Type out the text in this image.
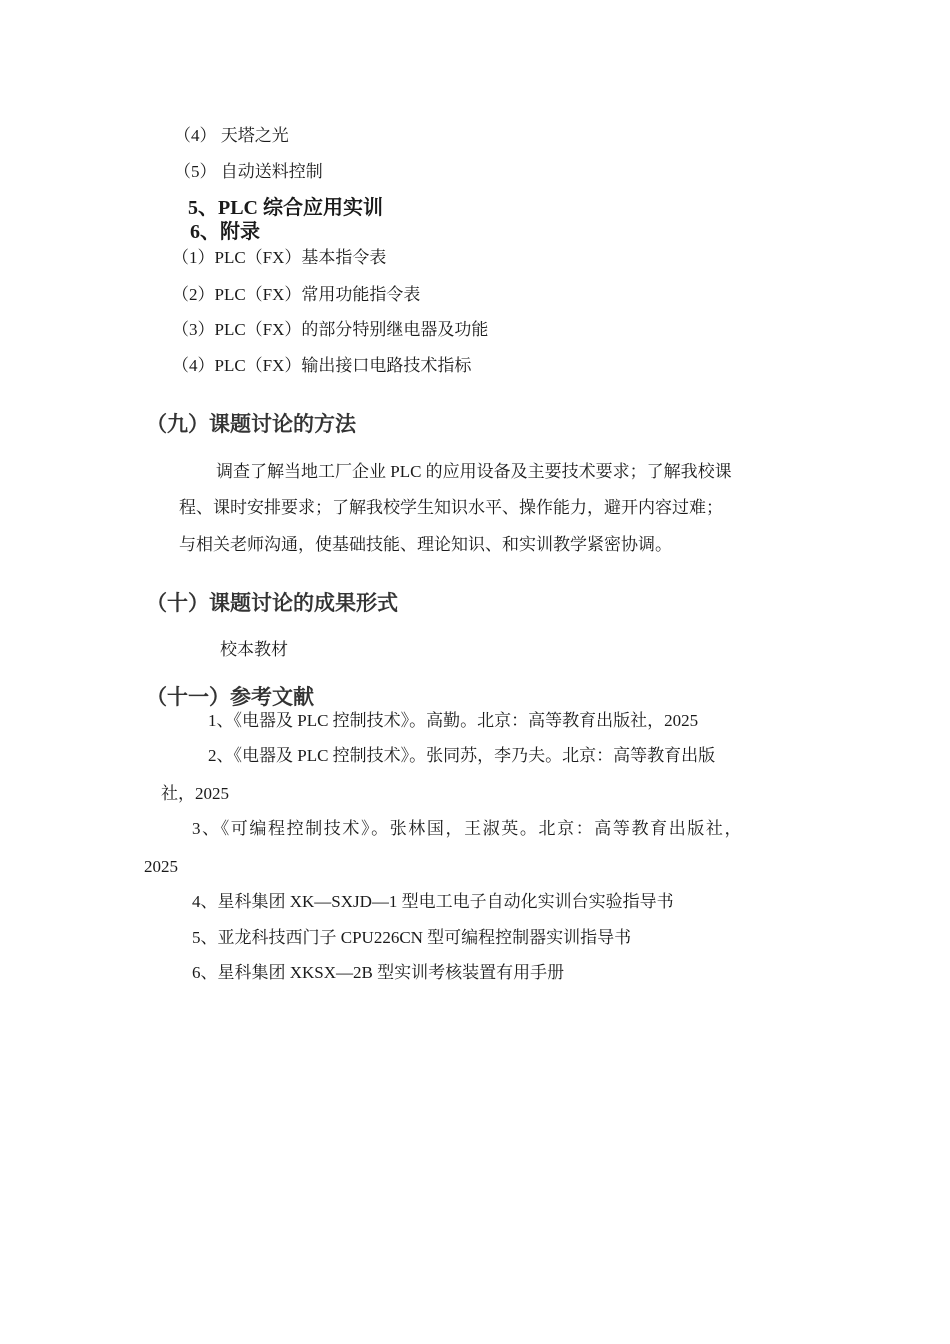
（4） 天塔之光
（5） 自动送料控制
5、PLC 综合应用实训
6、附录
（1）PLC（FX）基本指令表
（2）PLC（FX）常用功能指令表
（3）PLC（FX）的部分特别继电器及功能
（4）PLC（FX）输出接口电路技术指标
（九）课题讨论的方法
调查了解当地工厂企业 PLC 的应用设备及主要技术要求；了解我校课
程、课时安排要求；了解我校学生知识水平、操作能力，避开内容过难；
与相关老师沟通，使基础技能、理论知识、和实训教学紧密协调。
（十）课题讨论的成果形式
校本教材
（十一）参考文献
1、《电器及 PLC 控制技术》。高勤。北京：高等教育出版社，2025
2、《电器及 PLC 控制技术》。张同苏，李乃夫。北京：高等教育出版
社，2025
3、《可编程控制技术》。张林国，王淑英。北京：高等教育出版社，
2025
4、星科集团 XK—SXJD—1 型电工电子自动化实训台实验指导书
5、亚龙科技西门子 CPU226CN 型可编程控制器实训指导书
6、星科集团 XKSX—2B 型实训考核装置有用手册
